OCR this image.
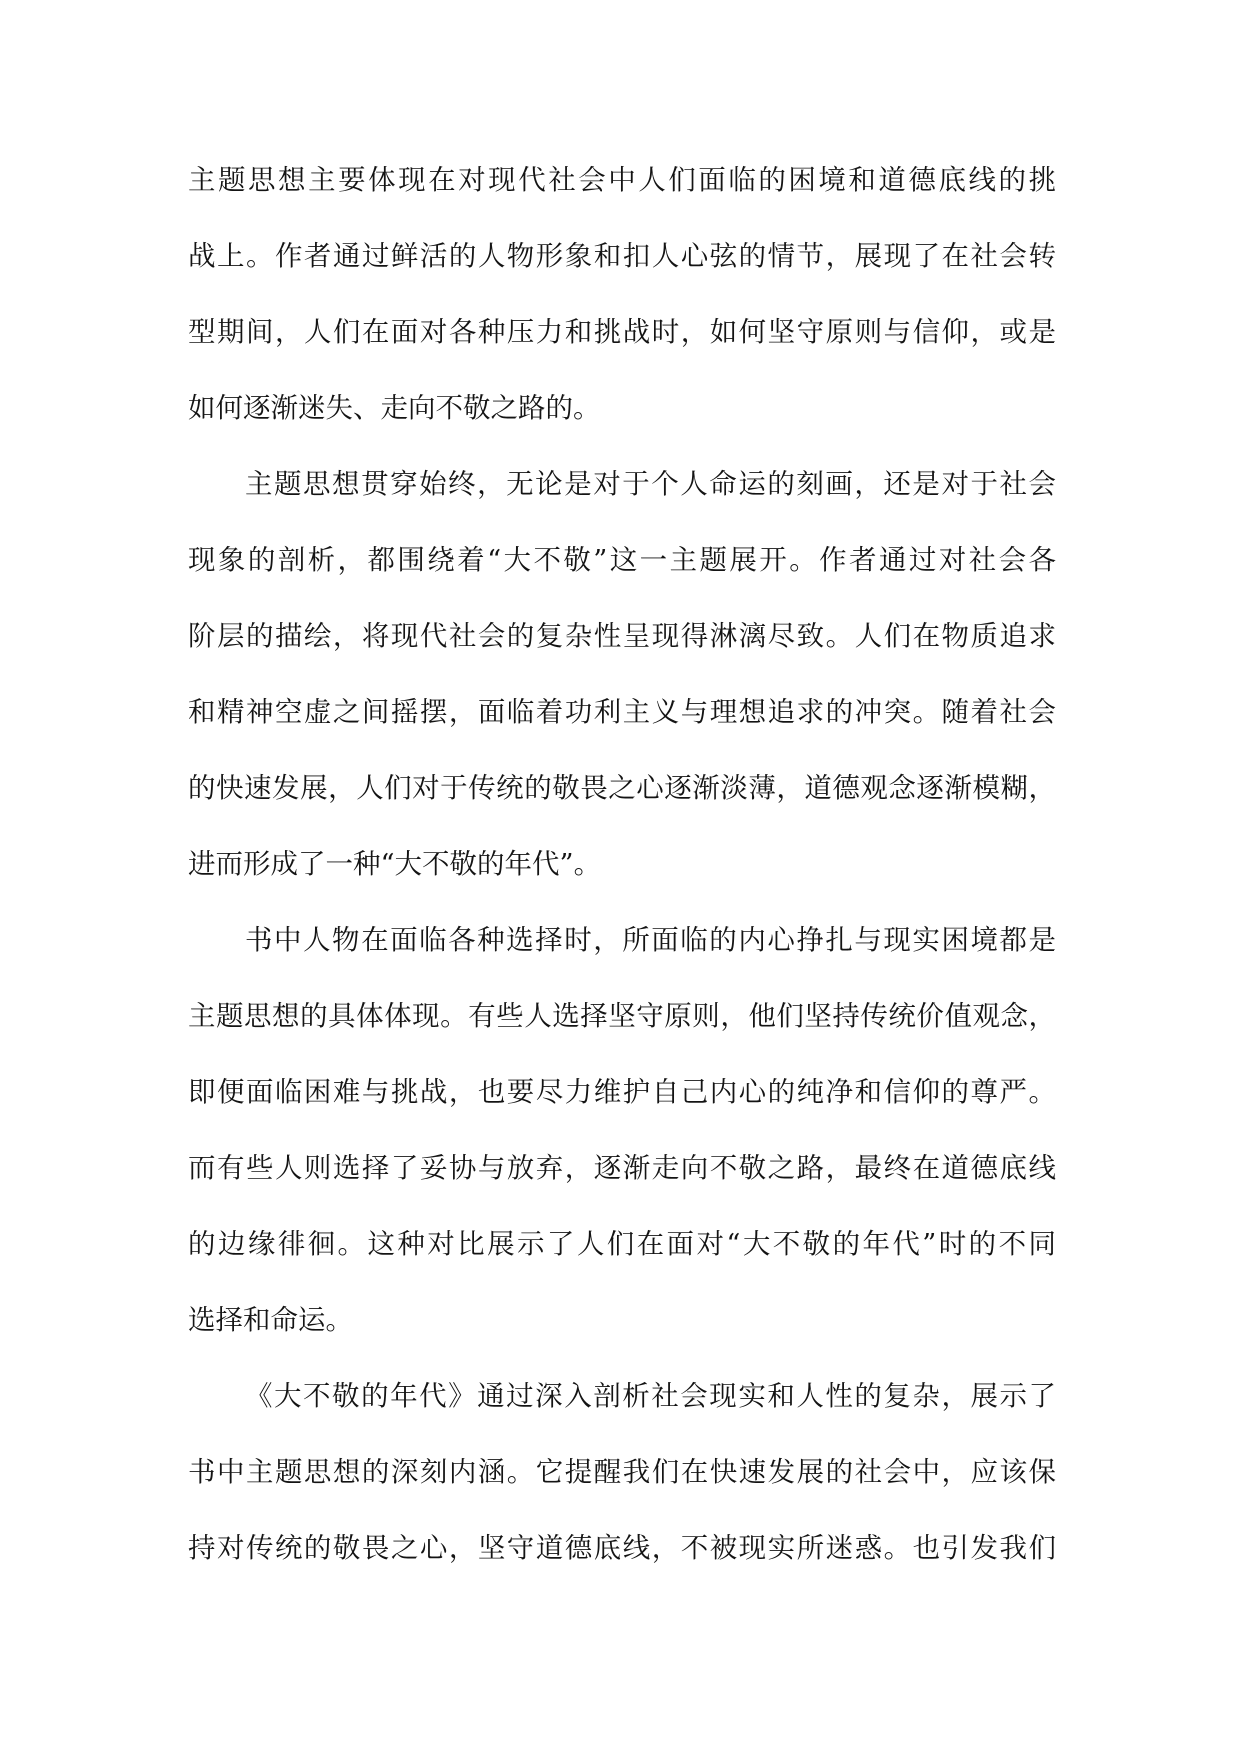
主题思想主要体现在对现代社会中人们面临的困境和道德底线的挑
战上。作者通过鲜活的人物形象和扣人心弦的情节，展现了在社会转
型期间，人们在面对各种压力和挑战时，如何坚守原则与信仰，或是
如何逐渐迷失、走向不敬之路的。
主题思想贯穿始终，无论是对于个人命运的刻画，还是对于社会
现象的剖析，都围绕着“大不敬”这一主题展开。作者通过对社会各
阶层的描绘，将现代社会的复杂性呈现得淋漓尽致。人们在物质追求
和精神空虚之间摇摆，面临着功利主义与理想追求的冲突。随着社会
的快速发展，人们对于传统的敬畏之心逐渐淡薄，道德观念逐渐模糊，
进而形成了一种“大不敬的年代”。
书中人物在面临各种选择时，所面临的内心挣扎与现实困境都是
主题思想的具体体现。有些人选择坚守原则，他们坚持传统价值观念，
即便面临困难与挑战，也要尽力维护自己内心的纯净和信仰的尊严。
而有些人则选择了妥协与放弃，逐渐走向不敬之路，最终在道德底线
的边缘徘徊。这种对比展示了人们在面对“大不敬的年代”时的不同
选择和命运。
《大不敬的年代》通过深入剖析社会现实和人性的复杂，展示了
书中主题思想的深刻内涵。它提醒我们在快速发展的社会中，应该保
持对传统的敬畏之心，坚守道德底线，不被现实所迷惑。也引发我们
